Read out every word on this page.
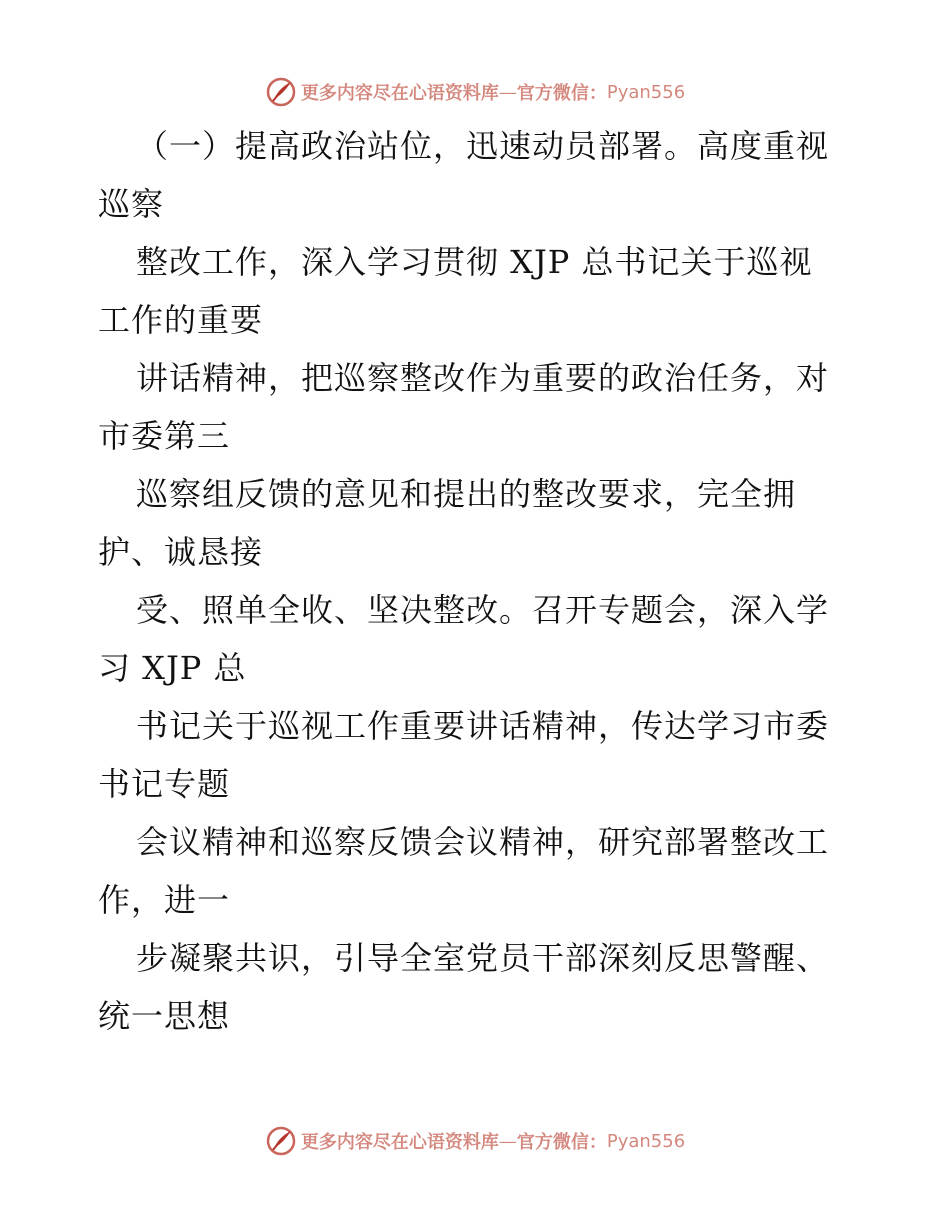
更多内容尽在心语资料库 — 官方微信： Pyan556
（一）提高政治站位，迅速动员部署。高度重视
巡察
整改工作，深入学习贯彻 XJP 总书记关于巡视
工作的重要
讲话精神，把巡察整改作为重要的政治任务，对
市委第三
巡察组反馈的意见和提出的整改要求，完全拥
护、诚恳接
受、照单全收、坚决整改。召开专题会，深入学
习 XJP 总
书记关于巡视工作重要讲话精神，传达学习市委
书记专题
会议精神和巡察反馈会议精神，研究部署整改工
作，进一
步凝聚共识，引导全室党员干部深刻反思警醒、
统一思想
更多内容尽在心语资料库 — 官方微信： Pyan556
